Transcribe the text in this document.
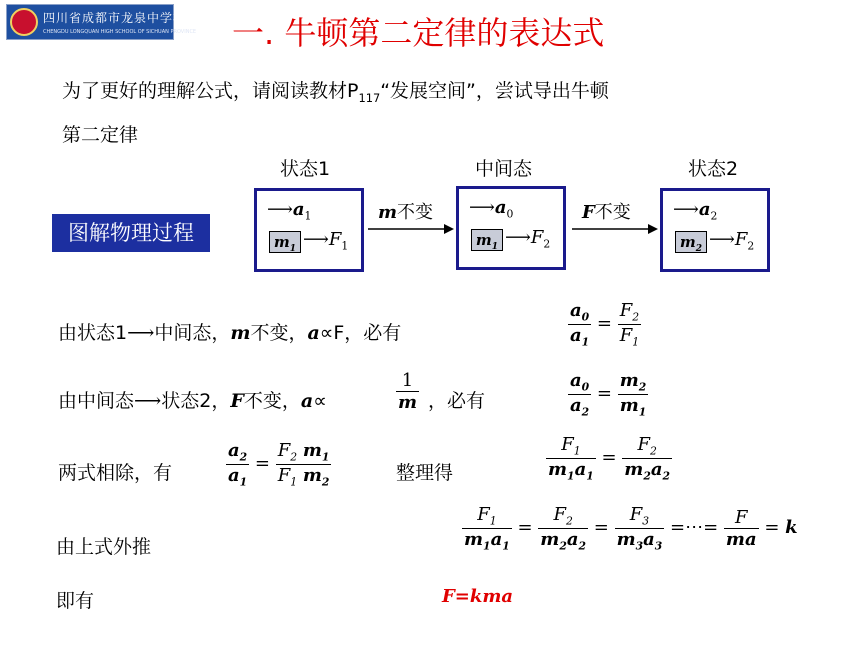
四川省成都市龙泉中学校
CHENGDU LONGQUAN HIGH SCHOOL OF SICHUAN PROVINCE 一. 牛顿第二定律的表达式
为了更好的理解公式，请阅读教材$P_{117}“$发展空间”，尝试导出牛顿
第二定律
状态1	中间态	状态2
图解物理过程
$⟶a_1$
$m_1$ $⟶F_1$
m不变 $⟶a_0$
$m_1$ $⟶F_2$
F不变 $⟶a_2$
$m_2$ $⟶F_2$
由状态1⟶中间态，m不变，a∝F，必有	$\frac{a_0}{a_1} = \frac{F_2}{F_1}$
由中间态⟶状态2，F不变，a∝	$\frac{1}{m}$ ，必有	$\frac{a_0}{a_2} = \frac{m_2}{m_1}$
两式相除，有	$\frac{a_2}{a_1} = \frac{F_2 m_1}{F_1 m_2}$	整理得	$\frac{F_1}{m_1a_1} = \frac{F_2}{m_2a_2}$
由上式外推	$\frac{F_1}{m_1a_1} = \frac{F_2}{m_2a_2} = \frac{F_3}{m_3a_3}$ =⋯= $\frac{F}{ma} = k$
即有	F=kma
